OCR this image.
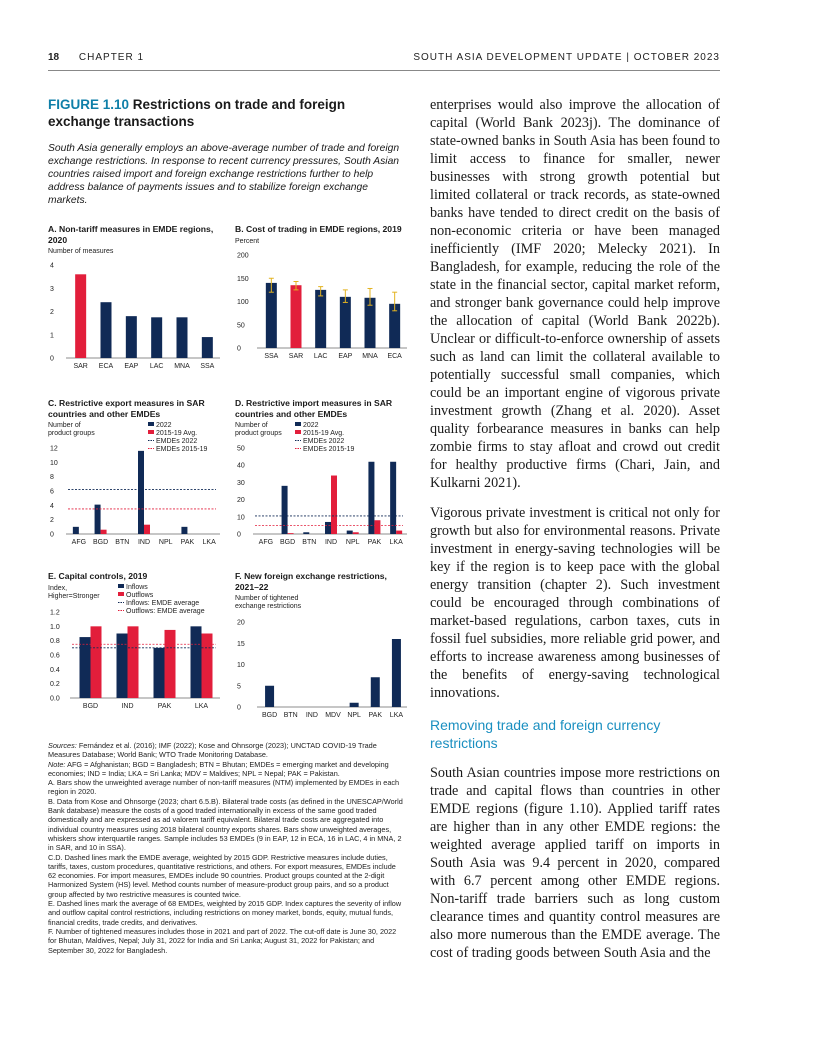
18 CHAPTER 1	SOUTH ASIA DEVELOPMENT UPDATE | OCTOBER 2023
FIGURE 1.10 Restrictions on trade and foreign exchange transactions

South Asia generally employs an above-average number of trade and foreign exchange restrictions. In response to recent currency pressures, South Asian countries raised import and foreign exchange restrictions further to help address balance of payments issues and to stabilize foreign exchange markets.

A. Non-tariff measures in EMDE regions, 2020
Number of measures
0
1
2
3
4
SAR ECA EAP LAC MNA SSA
B. Cost of trading in EMDE regions, 2019
Percent
0
50
100
150
200
SSA SAR LAC EAP MNA ECA
C. Restrictive export measures in SAR countries and other EMDEs
Number of
product groups
0
2
4
6
8
10
12
AFG BGD BTN IND NPL PAK LKA
2022
2015-19 Avg.
EMDEs 2022
EMDEs 2015-19
D. Restrictive import measures in SAR countries and other EMDEs
Number of
product groups
0
10
20
30
40
50
AFG BGD BTN IND NPL PAK LKA
2022
2015-19 Avg.
EMDEs 2022
EMDEs 2015-19
E. Capital controls, 2019
Index,
Higher=Stronger
0.0
0.2
0.4
0.6
0.8
1.0
1.2
BGD	IND	PAK	LKA
Inflows
Outflows
Inflows: EMDE average
Outflows: EMDE average
F. New foreign exchange restrictions, 2021–22
Number of tightened
exchange restrictions
0
5
10
15
20
BGD BTN IND MDV NPL PAK LKA

Sources: Fernández et al. (2016); IMF (2022); Kose and Ohnsorge (2023); UNCTAD COVID-19 Trade Measures Database; World Bank; WTO Trade Monitoring Database.

Note: AFG = Afghanistan; BGD = Bangladesh; BTN = Bhutan; EMDEs = emerging market and developing economies; IND = India; LKA = Sri Lanka; MDV = Maldives; NPL = Nepal; PAK = Pakistan.

A. Bars show the unweighted average number of non-tariff measures (NTM) implemented by EMDEs in each region in 2020.

B. Data from Kose and Ohnsorge (2023; chart 6.5.B). Bilateral trade costs (as defined in the UNESCAP/World Bank database) measure the costs of a good traded internationally in excess of the same good traded domestically and are expressed as ad valorem tariff equivalent. Bilateral trade costs are aggregated into individual country measures using 2018 bilateral country exports shares. Bars show unweighted averages, whiskers show interquartile ranges. Sample includes 53 EMDEs (9 in EAP, 12 in ECA, 16 in LAC, 4 in MNA, 2 in SAR, and 10 in SSA).

C.D. Dashed lines mark the EMDE average, weighted by 2015 GDP. Restrictive measures include duties, tariffs, taxes, custom procedures, quantitative restrictions, and others. For export measures, EMDEs include 62 economies. For import measures, EMDEs include 90 countries. Product groups counted at the 2-digit Harmonized System (HS) level. Method counts number of measure-product group pairs, and so a product group affected by two restrictive measures is counted twice.

E. Dashed lines mark the average of 68 EMDEs, weighted by 2015 GDP. Index captures the severity of inflow and outflow capital control restrictions, including restrictions on money market, bonds, equity, mutual funds, financial credits, trade credits, and derivatives.

F. Number of tightened measures includes those in 2021 and part of 2022. The cut-off date is June 30, 2022 for Bhutan, Maldives, Nepal; July 31, 2022 for India and Sri Lanka; August 31, 2022 for Pakistan; and September 30, 2022 for Bangladesh.

enterprises would also improve the allocation of capital (World Bank 2023j). The dominance of state-owned banks in South Asia has been found to limit access to finance for smaller, newer businesses with strong growth potential but limited collateral or track records, as state-owned banks have tended to direct credit on the basis of non-economic criteria or have been managed inefficiently (IMF 2020; Melecky 2021). In Bangladesh, for example, reducing the role of the state in the financial sector, capital market reform, and stronger bank governance could help improve the allocation of capital (World Bank 2022b). Unclear or difficult-to-enforce ownership of assets such as land can limit the collateral available to potentially successful small companies, which could be an important engine of vigorous private investment growth (Zhang et al. 2020). Asset quality forbearance measures in banks can help zombie firms to stay afloat and crowd out credit for healthy productive firms (Chari, Jain, and Kulkarni 2021).

Vigorous private investment is critical not only for growth but also for environmental reasons. Private investment in energy-saving technologies will be key if the region is to keep pace with the global energy transition (chapter 2). Such investment could be encouraged through combinations of market-based regulations, carbon taxes, cuts in fossil fuel subsidies, more reliable grid power, and efforts to increase awareness among businesses of the benefits of energy-saving technological innovations.

Removing trade and foreign currency restrictions

South Asian countries impose more restrictions on trade and capital flows than countries in other EMDE regions (figure 1.10). Applied tariff rates are higher than in any other EMDE regions: the weighted average applied tariff on imports in South Asia was 9.4 percent in 2020, compared with 6.7 percent among other EMDE regions. Non-tariff trade barriers such as long custom clearance times and quantity control measures are also more numerous than the EMDE average. The cost of trading goods between South Asia and the
